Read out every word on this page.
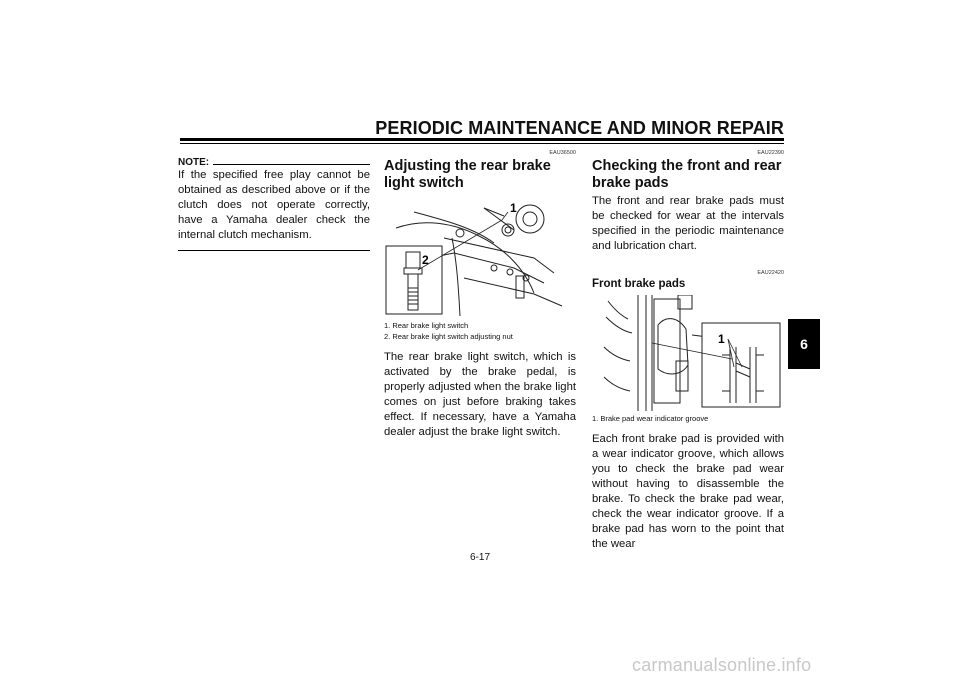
PERIODIC MAINTENANCE AND MINOR REPAIR
6
NOTE:

If the specified free play cannot be obtained as described above or if the clutch does not operate correctly, have a Yamaha dealer check the internal clutch mechanism.

EAU36500
Adjusting the rear brake light switch
1
2

1. Rear brake light switch

2. Rear brake light switch adjusting nut

The rear brake light switch, which is activated by the brake pedal, is properly adjusted when the brake light comes on just before braking takes effect. If necessary, have a Yamaha dealer adjust the brake light switch.

EAU22390
Checking the front and rear brake pads

The front and rear brake pads must be checked for wear at the intervals specified in the periodic maintenance and lubrication chart.

EAU22420
Front brake pads
1

1. Brake pad wear indicator groove

Each front brake pad is provided with a wear indicator groove, which allows you to check the brake pad wear without having to disassemble the brake. To check the brake pad wear, check the wear indicator groove. If a brake pad has worn to the point that the wear

6-17
carmanualsonline.info
